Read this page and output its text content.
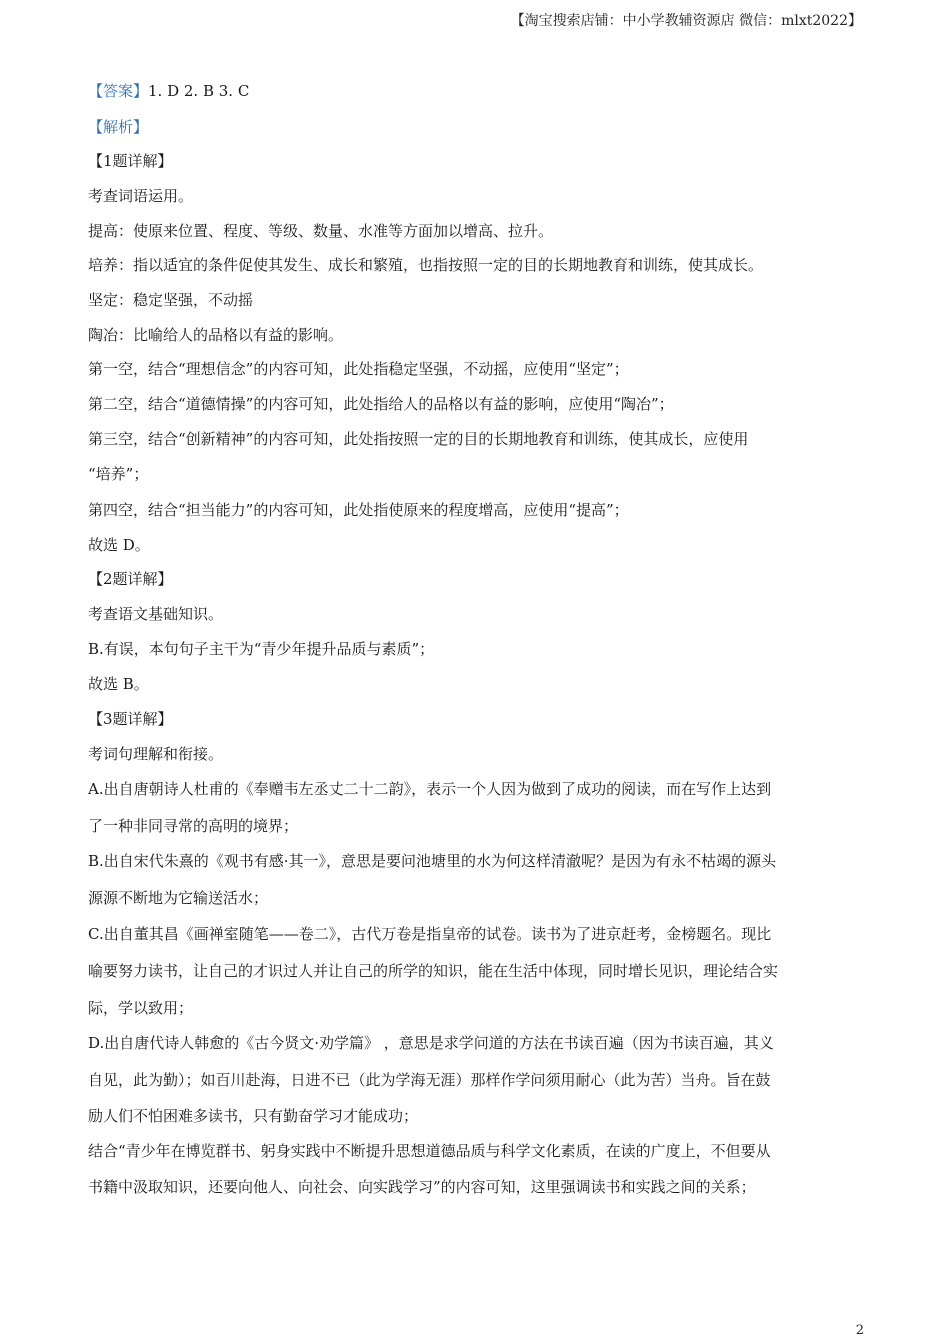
【淘宝搜索店铺：中小学教辅资源店 微信：mlxt2022】
【答案】1. D 2. B 3. C
【解析】
【1题详解】
考查词语运用。
提高：使原来位置、程度、等级、数量、水准等方面加以增高、拉升。
培养：指以适宜的条件促使其发生、成长和繁殖，也指按照一定的目的长期地教育和训练，使其成长。
坚定：稳定坚强，不动摇
陶冶：比喻给人的品格以有益的影响。
第一空，结合“理想信念”的内容可知，此处指稳定坚强，不动摇，应使用“坚定”；
第二空，结合“道德情操”的内容可知，此处指给人的品格以有益的影响，应使用“陶冶”；
第三空，结合“创新精神”的内容可知，此处指按照一定的目的长期地教育和训练，使其成长，应使用
“培养”；
第四空，结合“担当能力”的内容可知，此处指使原来的程度增高，应使用“提高”；
故选 D。
【2题详解】
考查语文基础知识。
B.有误，本句句子主干为“青少年提升品质与素质”；
故选 B。
【3题详解】
考词句理解和衔接。
A.出自唐朝诗人杜甫的《奉赠韦左丞丈二十二韵》，表示一个人因为做到了成功的阅读，而在写作上达到
了一种非同寻常的高明的境界；
B.出自宋代朱熹的《观书有感·其一》，意思是要问池塘里的水为何这样清澈呢？是因为有永不枯竭的源头
源源不断地为它输送活水；
C.出自董其昌《画禅室随笔——卷二》，古代万卷是指皇帝的试卷。读书为了进京赶考，金榜题名。现比
喻要努力读书，让自己的才识过人并让自己的所学的知识，能在生活中体现，同时增长见识，理论结合实
际，学以致用；
D.出自唐代诗人韩愈的《古今贤文·劝学篇》 ，意思是求学问道的方法在书读百遍（因为书读百遍，其义
自见，此为勤）；如百川赴海，日进不已（此为学海无涯）那样作学问须用耐心（此为苦）当舟。旨在鼓
励人们不怕困难多读书，只有勤奋学习才能成功；
结合“青少年在博览群书、躬身实践中不断提升思想道德品质与科学文化素质，在读的广度上，不但要从
书籍中汲取知识，还要向他人、向社会、向实践学习”的内容可知，这里强调读书和实践之间的关系；
2
